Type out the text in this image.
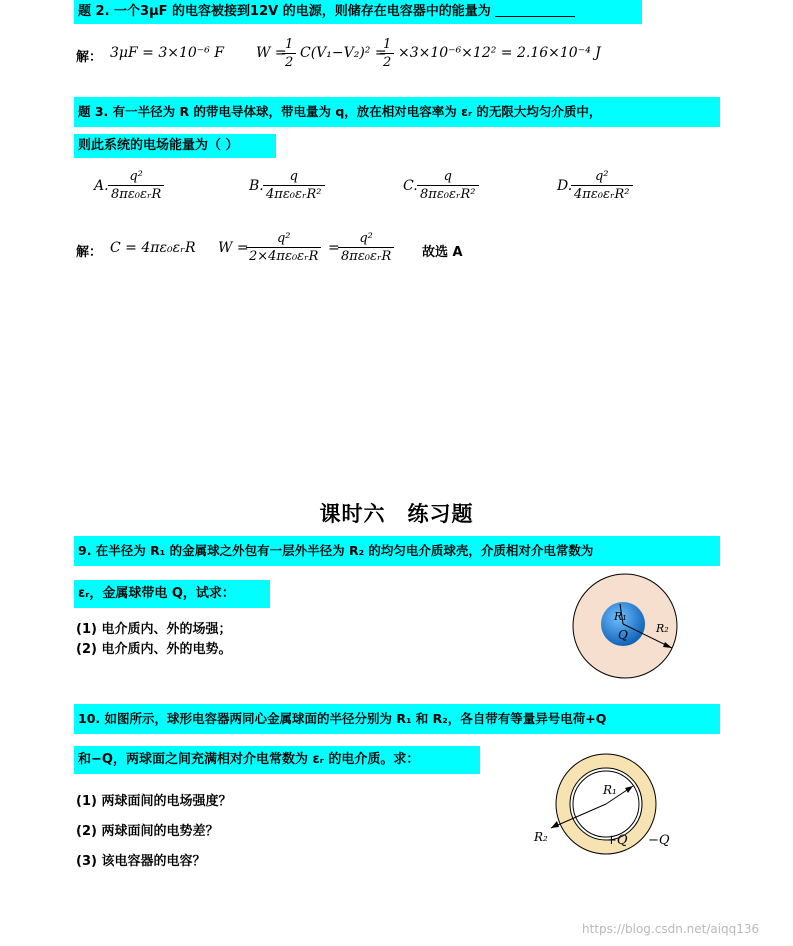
题 2. 一个3μF 的电容被接到12V 的电源，则储存在电容器中的能量为
解： 3μF = 3×10⁻⁶ F W =
$\frac{1}{2} C(V_1-V_2)^2$ =
$\frac{1}{2} \times 3\times 10^{-6}\times 12^2 = 2.16\times 10^{-4}$ J
题 3. 有一半径为 R 的带电导体球，带电量为 q，放在相对电容率为 εᵣ 的无限大均匀介质中，
则此系统的电场能量为（ ）
A.
q²
8πε₀εᵣR
B.
q
4πε₀εᵣR²
C.
q
8πε₀εᵣR²
D.
q²
4πε₀εᵣR²
解： C = 4πε₀εᵣR W =
q²
2×4πε₀εᵣR
=
q²
8πε₀εᵣR 故选 A
课时六　练习题
9. 在半径为 R₁ 的金属球之外包有一层外半径为 R₂ 的均匀电介质球壳，介质相对介电常数为
εᵣ，金属球带电 Q，试求：
(1) 电介质内、外的场强；
(2) 电介质内、外的电势。
R₁
Q	R₂
10. 如图所示，球形电容器两同心金属球面的半径分别为 R₁ 和 R₂，各自带有等量异号电荷+Q
和−Q，两球面之间充满相对介电常数为 εᵣ 的电介质。求：
(1) 两球面间的电场强度？
(2) 两球面间的电势差？
(3) 该电容器的电容？
R₁
R₂	+Q −Q
https://blog.csdn.net/aiqq136
